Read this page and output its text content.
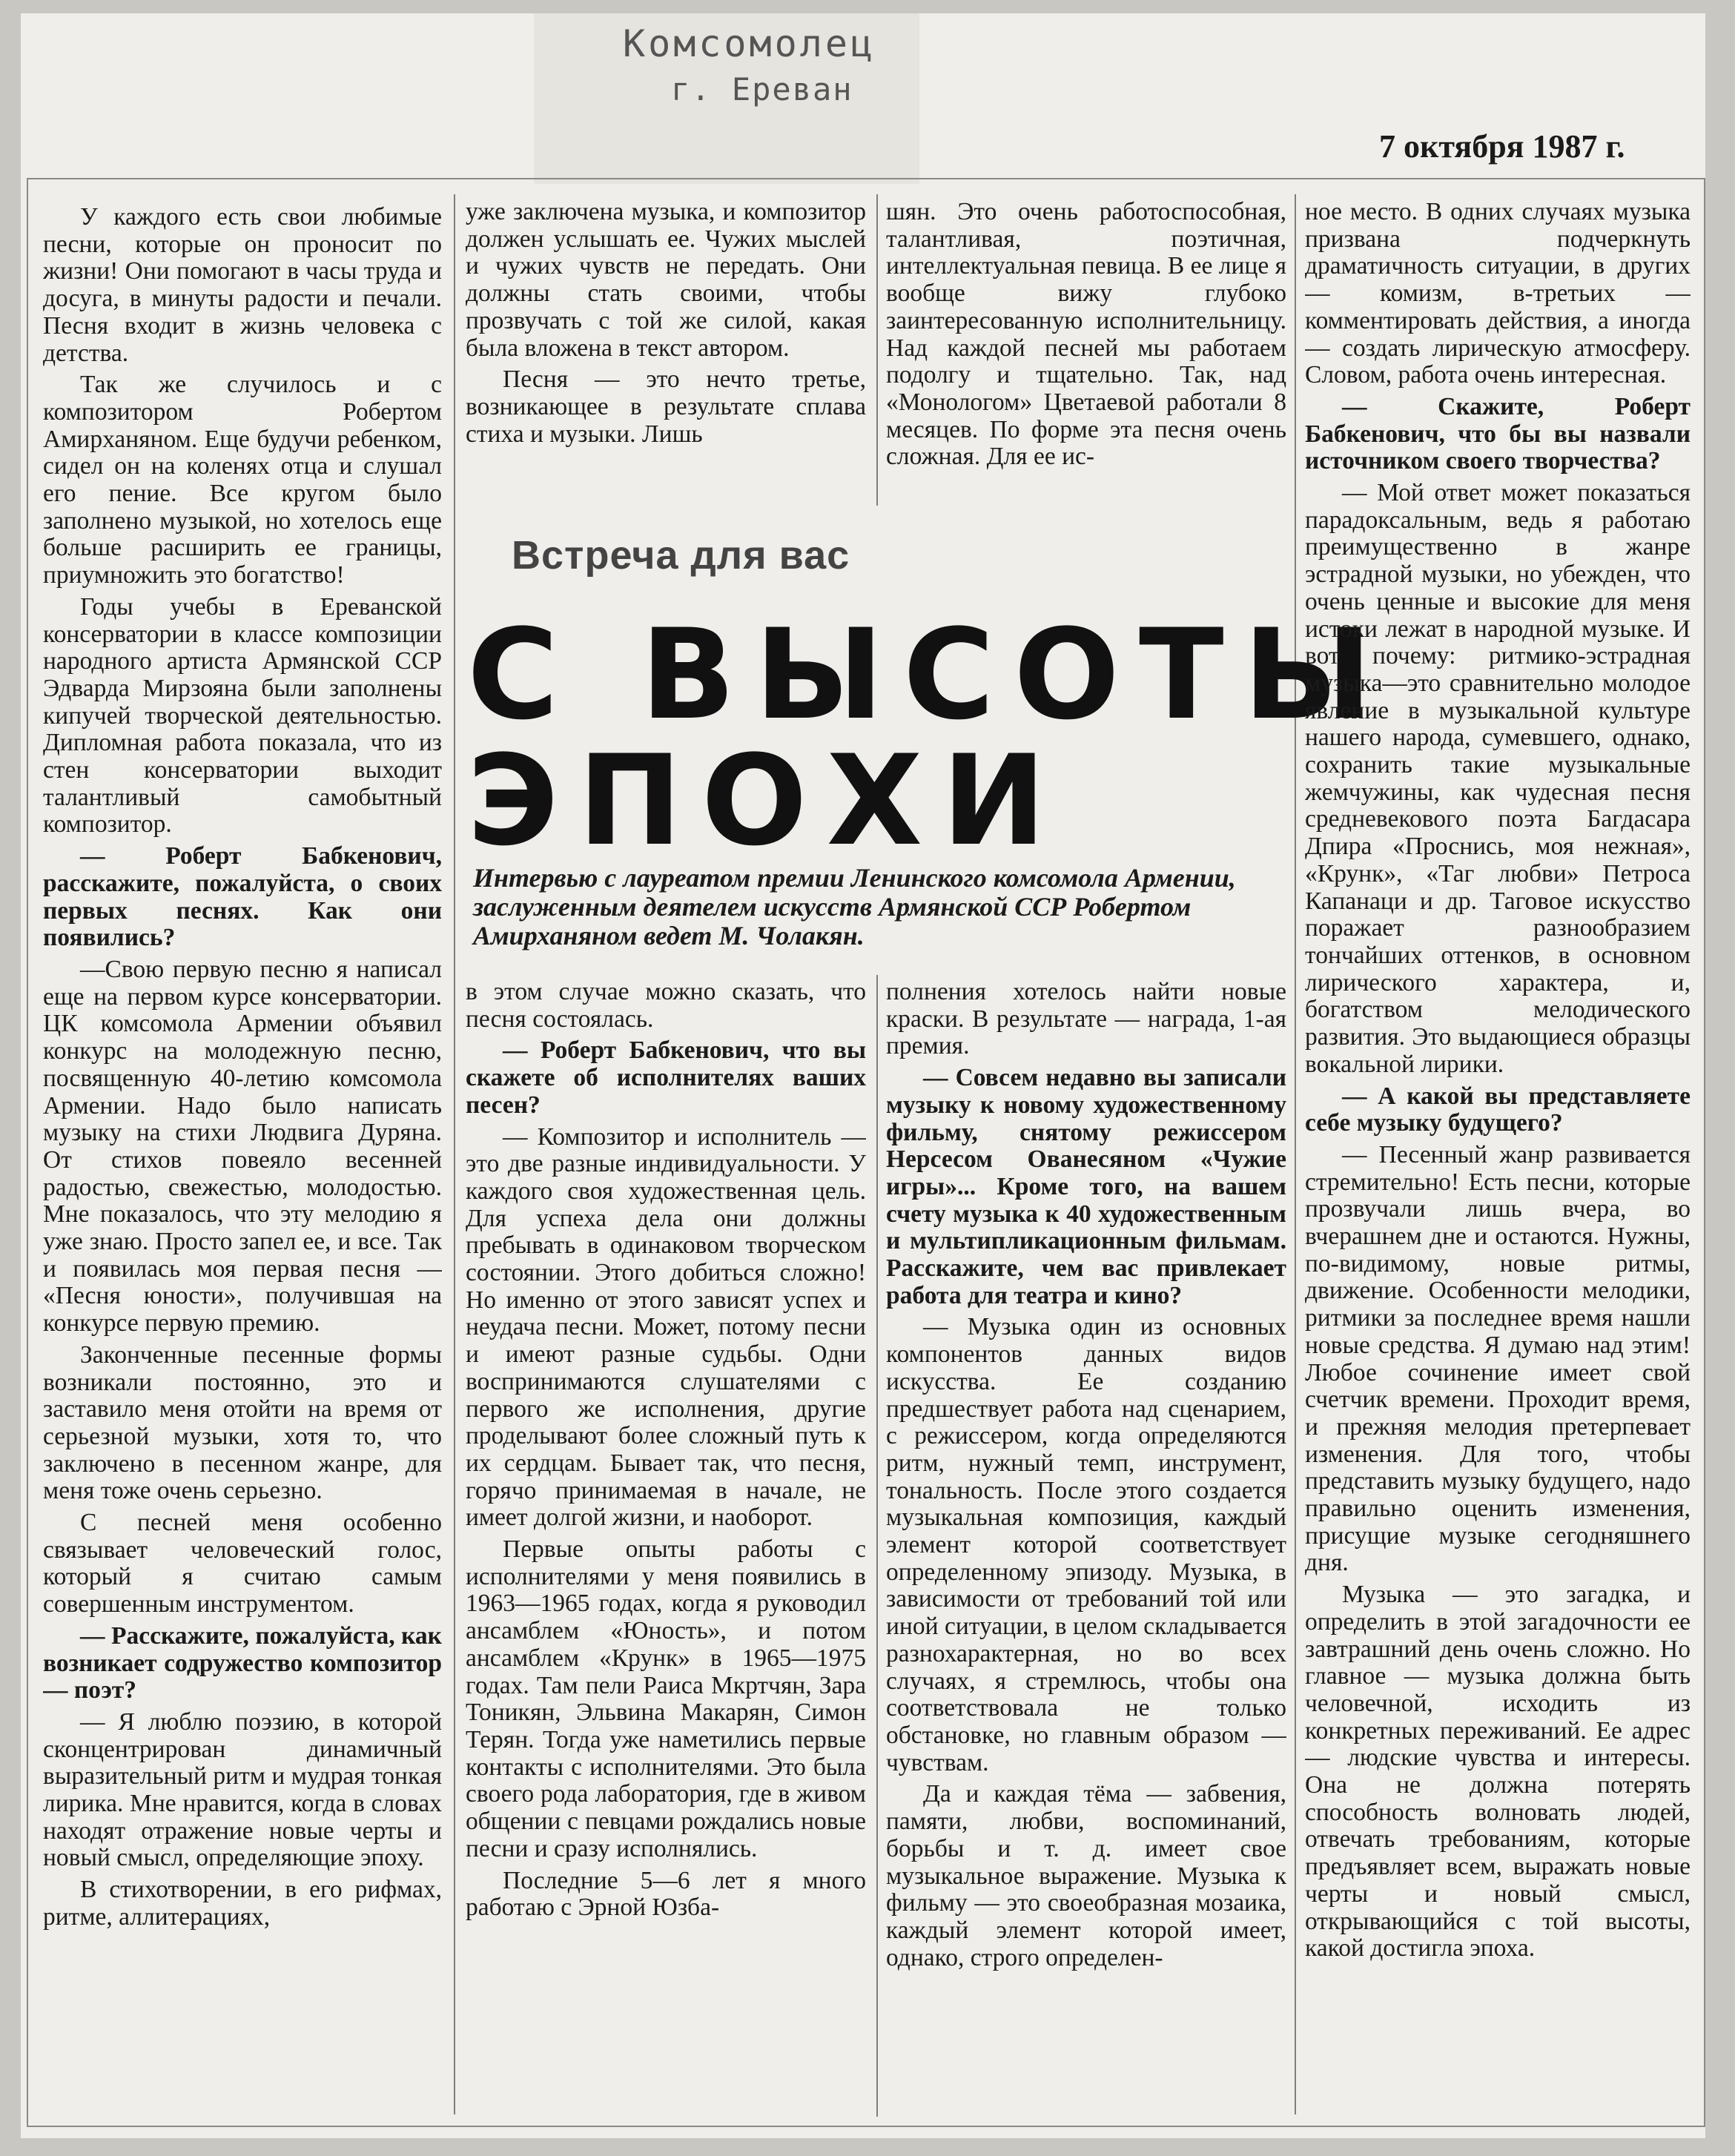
Комсомолец
г. Ереван
7 октября 1987 г.

У каждого есть свои любимые песни, которые он проносит по жизни! Они помогают в часы труда и досуга, в минуты радости и печали. Песня входит в жизнь человека с детства.

Так же случилось и с композитором Робертом Амирханяном. Еще будучи ребенком, сидел он на коленях отца и слушал его пение. Все кругом было заполнено музыкой, но хотелось еще больше расширить ее границы, приумножить это богатство!

Годы учебы в Ереванской консерватории в классе композиции народного артиста Армянской ССР Эдварда Мирзояна были заполнены кипучей творческой деятельностью. Дипломная работа показала, что из стен консерватории выходит талантливый самобытный композитор.

— Роберт Бабкенович, расскажите, пожалуйста, о своих первых песнях. Как они появились?

—Свою первую песню я написал еще на первом курсе консерватории. ЦК комсомола Армении объявил конкурс на молодежную песню, посвященную 40-летию комсомола Армении. Надо было написать музыку на стихи Людвига Дуряна. От стихов повеяло весенней радостью, свежестью, молодостью. Мне показалось, что эту мелодию я уже знаю. Просто запел ее, и все. Так и появилась моя первая песня — «Песня юности», получившая на конкурсе первую премию.

Законченные песенные формы возникали постоянно, это и заставило меня отойти на время от серьезной музыки, хотя то, что заключено в песенном жанре, для меня тоже очень серьезно.

С песней меня особенно связывает человеческий голос, который я считаю самым совершенным инструментом.

— Расскажите, пожалуйста, как возникает содружество композитор — поэт?

— Я люблю поэзию, в которой сконцентрирован динамичный выразительный ритм и мудрая тонкая лирика. Мне нравится, когда в словах находят отражение новые черты и новый смысл, определяющие эпоху.

В стихотворении, в его рифмах, ритме, аллитерациях,

уже заключена музыка, и композитор должен услышать ее. Чужих мыслей и чужих чувств не передать. Они должны стать своими, чтобы прозвучать с той же силой, какая была вложена в текст автором.

Песня — это нечто третье, возникающее в результате сплава стиха и музыки. Лишь

шян. Это очень работоспособная, талантливая, поэтичная, интеллектуальная певица. В ее лице я вообще вижу глубоко заинтересованную исполнительницу. Над каждой песней мы работаем подолгу и тщательно. Так, над «Монологом» Цветаевой работали 8 месяцев. По форме эта песня очень сложная. Для ее ис-

Встреча для вас
С ВЫСОТЫ
ЭПОХИ
Интервью с лауреатом премии Ленинского комсомола Армении, заслуженным деятелем искусств Армянской ССР Робертом Амирханяном ведет М. Чолакян.

в этом случае можно сказать, что песня состоялась.

— Роберт Бабкенович, что вы скажете об исполнителях ваших песен?

— Композитор и исполнитель — это две разные индивидуальности. У каждого своя художественная цель. Для успеха дела они должны пребывать в одинаковом творческом состоянии. Этого добиться сложно! Но именно от этого зависят успех и неудача песни. Может, потому песни и имеют разные судьбы. Одни воспринимаются слушателями с первого же исполнения, другие проделывают более сложный путь к их сердцам. Бывает так, что песня, горячо принимаемая в начале, не имеет долгой жизни, и наоборот.

Первые опыты работы с исполнителями у меня появились в 1963—1965 годах, когда я руководил ансамблем «Юность», и потом ансамблем «Крунк» в 1965—1975 годах. Там пели Раиса Мкртчян, Зара Тоникян, Эльвина Макарян, Симон Терян. Тогда уже наметились первые контакты с исполнителями. Это была своего рода лаборатория, где в живом общении с певцами рождались новые песни и сразу исполнялись.

Последние 5—6 лет я много работаю с Эрной Юзба-

полнения хотелось найти новые краски. В результате — награда, 1-ая премия.

— Совсем недавно вы записали музыку к новому художественному фильму, снятому режиссером Нерсесом Ованесяном «Чужие игры»... Кроме того, на вашем счету музыка к 40 художественным и мультипликационным фильмам. Расскажите, чем вас привлекает работа для театра и кино?

— Музыка один из основных компонентов данных видов искусства. Ее созданию предшествует работа над сценарием, с режиссером, когда определяются ритм, нужный темп, инструмент, тональность. После этого создается музыкальная композиция, каждый элемент которой соответствует определенному эпизоду. Музыка, в зависимости от требований той или иной ситуации, в целом складывается разнохарактерная, но во всех случаях, я стремлюсь, чтобы она соответствовала не только обстановке, но главным образом — чувствам.

Да и каждая тёма — забвения, памяти, любви, воспоминаний, борьбы и т. д. имеет свое музыкальное выражение. Музыка к фильму — это своеобразная мозаика, каждый элемент которой имеет, однако, строго определен-

ное место. В одних случаях музыка призвана подчеркнуть драматичность ситуации, в других — комизм, в-третьих — комментировать действия, а иногда— создать лирическую атмосферу. Словом, работа очень интересная.

— Скажите, Роберт Бабкенович, что бы вы назвали источником своего творчества?

— Мой ответ может показаться парадоксальным, ведь я работаю преимущественно в жанре эстрадной музыки, но убежден, что очень ценные и высокие для меня истоки лежат в народной музыке. И вот почему: ритмико-эстрадная музыка—это сравнительно молодое явление в музыкальной культуре нашего народа, сумевшего, однако, сохранить такие музыкальные жемчужины, как чудесная песня средневекового поэта Багдасара Дпира «Проснись, моя нежная», «Крунк», «Таг любви» Петроса Капанаци и др. Таговое искусство поражает разнообразием тончайших оттенков, в основном лирического характера, и, богатством мелодического развития. Это выдающиеся образцы вокальной лирики.

— А какой вы представляете себе музыку будущего?

— Песенный жанр развивается стремительно! Есть песни, которые прозвучали лишь вчера, во вчерашнем дне и остаются. Нужны, по-видимому, новые ритмы, движение. Особенности мелодики, ритмики за последнее время нашли новые средства. Я думаю над этим! Любое сочинение имеет свой счетчик времени. Проходит время, и прежняя мелодия претерпевает изменения. Для того, чтобы представить музыку будущего, надо правильно оценить изменения, присущие музыке сегодняшнего дня.

Музыка — это загадка, и определить в этой загадочности ее завтрашний день очень сложно. Но главное — музыка должна быть человечной, исходить из конкретных переживаний. Ее адрес — людские чувства и интересы. Она не должна потерять способность волновать людей, отвечать требованиям, которые предъявляет всем, выражать новые черты и новый смысл, открывающийся с той высоты, какой достигла эпоха.
